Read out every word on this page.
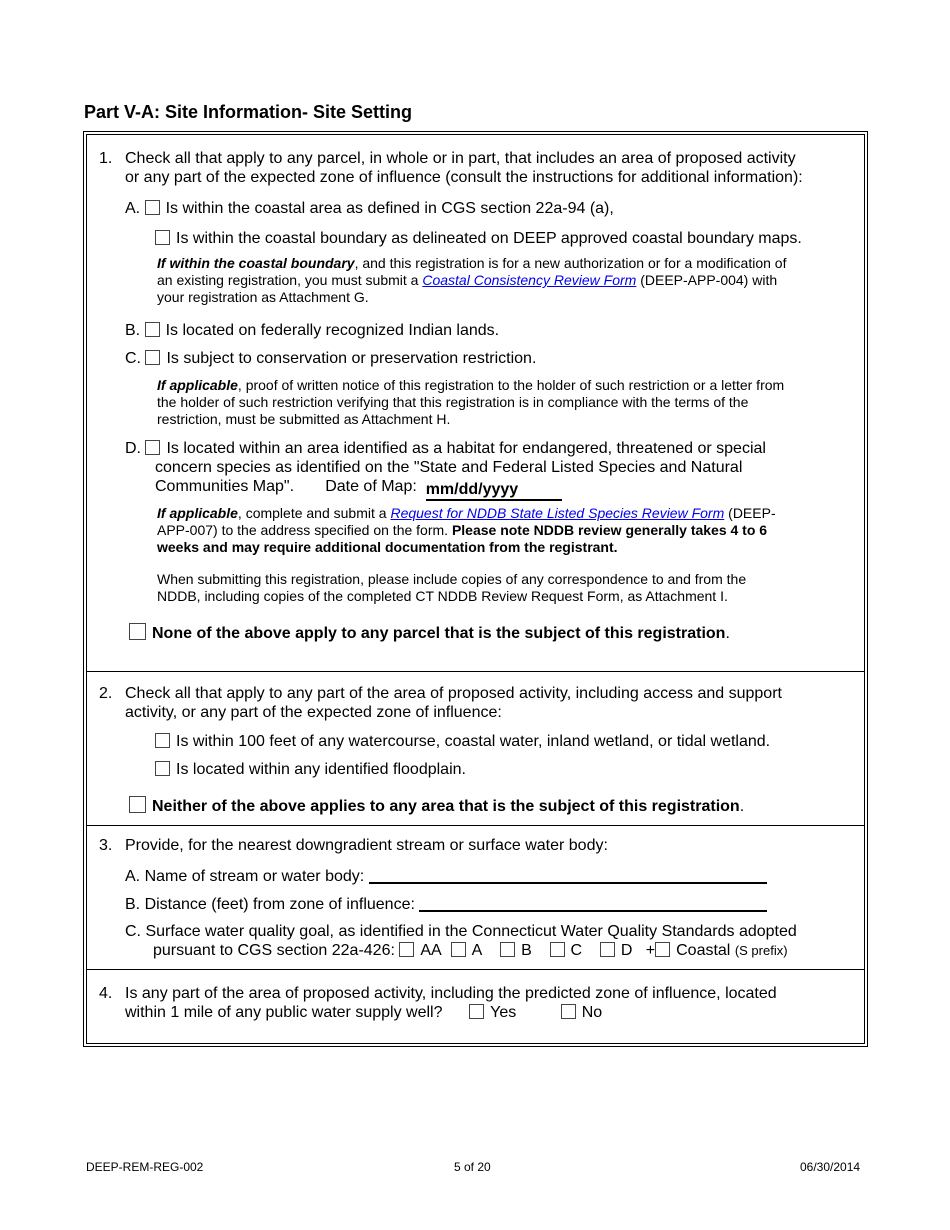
Part V-A: Site Information- Site Setting
1. Check all that apply to any parcel, in whole or in part, that includes an area of proposed activity
or any part of the expected zone of influence (consult the instructions for additional information):
A. Is within the coastal area as defined in CGS section 22a-94 (a),
Is within the coastal boundary as delineated on DEEP approved coastal boundary maps.
If within the coastal boundary, and this registration is for a new authorization or for a modification of
an existing registration, you must submit a Coastal Consistency Review Form (DEEP-APP-004) with
your registration as Attachment G.
B. Is located on federally recognized Indian lands.
C. Is subject to conservation or preservation restriction.
If applicable, proof of written notice of this registration to the holder of such restriction or a letter from
the holder of such restriction verifying that this registration is in compliance with the terms of the
restriction, must be submitted as Attachment H.
D. Is located within an area identified as a habitat for endangered, threatened or special
concern species as identified on the "State and Federal Listed Species and Natural
Communities Map". Date of Map: mm/dd/yyyy
If applicable, complete and submit a Request for NDDB State Listed Species Review Form (DEEP-
APP-007) to the address specified on the form. Please note NDDB review generally takes 4 to 6
weeks and may require additional documentation from the registrant.
When submitting this registration, please include copies of any correspondence to and from the
NDDB, including copies of the completed CT NDDB Review Request Form, as Attachment I.
None of the above apply to any parcel that is the subject of this registration.
2. Check all that apply to any part of the area of proposed activity, including access and support
activity, or any part of the expected zone of influence:
Is within 100 feet of any watercourse, coastal water, inland wetland, or tidal wetland.
Is located within any identified floodplain.
Neither of the above applies to any area that is the subject of this registration.
3. Provide, for the nearest downgradient stream or surface water body:
A. Name of stream or water body:
B. Distance (feet) from zone of influence:
C. Surface water quality goal, as identified in the Connecticut Water Quality Standards adopted
pursuant to CGS section 22a-426: AA A B C D + Coastal (S prefix)
4. Is any part of the area of proposed activity, including the predicted zone of influence, located
within 1 mile of any public water supply well?	Yes	No
DEEP-REM-REG-002	5 of 20	06/30/2014
